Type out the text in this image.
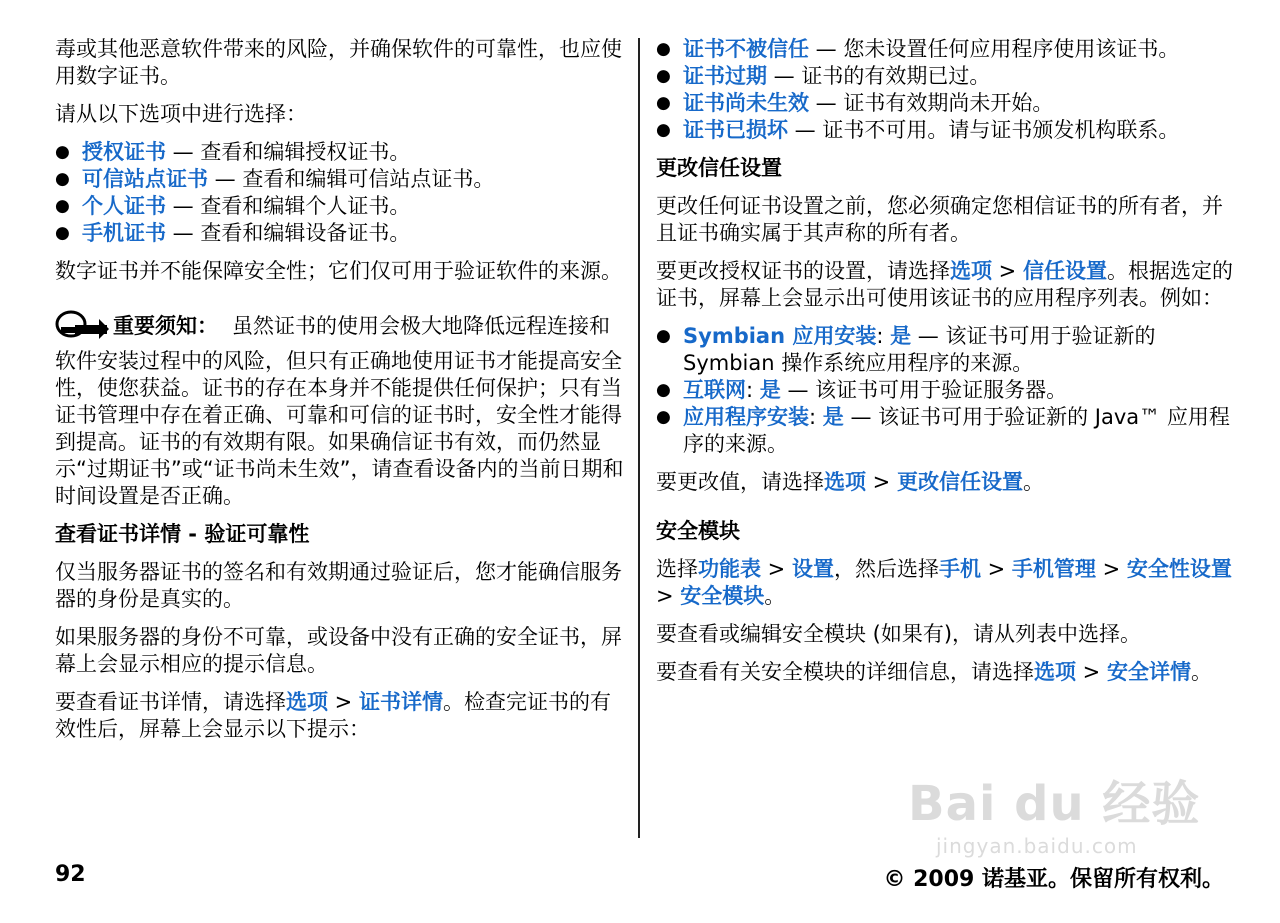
毒或其他恶意软件带来的风险，并确保软件的可靠性，也应使用数字证书。

请从以下选项中进行选择：

● 授权证书 — 查看和编辑授权证书。
● 可信站点证书 — 查看和编辑可信站点证书。
● 个人证书 — 查看和编辑个人证书。
● 手机证书 — 查看和编辑设备证书。

数字证书并不能保障安全性；它们仅可用于验证软件的来源。

重要须知： 虽然证书的使用会极大地降低远程连接和软件安装过程中的风险，但只有正确地使用证书才能提高安全性，使您获益。证书的存在本身并不能提供任何保护；只有当证书管理中存在着正确、可靠和可信的证书时，安全性才能得到提高。证书的有效期有限。如果确信证书有效，而仍然显示“过期证书”或“证书尚未生效”，请查看设备内的当前日期和时间设置是否正确。

查看证书详情 - 验证可靠性

仅当服务器证书的签名和有效期通过验证后，您才能确信服务器的身份是真实的。

如果服务器的身份不可靠，或设备中没有正确的安全证书，屏幕上会显示相应的提示信息。

要查看证书详情，请选择选项 > 证书详情。检查完证书的有效性后，屏幕上会显示以下提示：

● 证书不被信任 — 您未设置任何应用程序使用该证书。
● 证书过期 — 证书的有效期已过。
● 证书尚未生效 — 证书有效期尚未开始。
● 证书已损坏 — 证书不可用。请与证书颁发机构联系。
更改信任设置

更改任何证书设置之前，您必须确定您相信证书的所有者，并且证书确实属于其声称的所有者。

要更改授权证书的设置，请选择选项 > 信任设置。根据选定的证书，屏幕上会显示出可使用该证书的应用程序列表。例如：

● Symbian 应用安装: 是 — 该证书可用于验证新的 Symbian 操作系统应用程序的来源。
● 互联网: 是 — 该证书可用于验证服务器。
● 应用程序安装: 是 — 该证书可用于验证新的 Java™ 应用程序的来源。

要更改值，请选择选项 > 更改信任设置。

安全模块

选择功能表 > 设置，然后选择手机 > 手机管理 > 安全性设置 > 安全模块。

要查看或编辑安全模块 (如果有)，请从列表中选择。

要查看有关安全模块的详细信息，请选择选项 > 安全详情。

Bai du 经验
jingyan.baidu.com
92	© 2009 诺基亚。保留所有权利。
